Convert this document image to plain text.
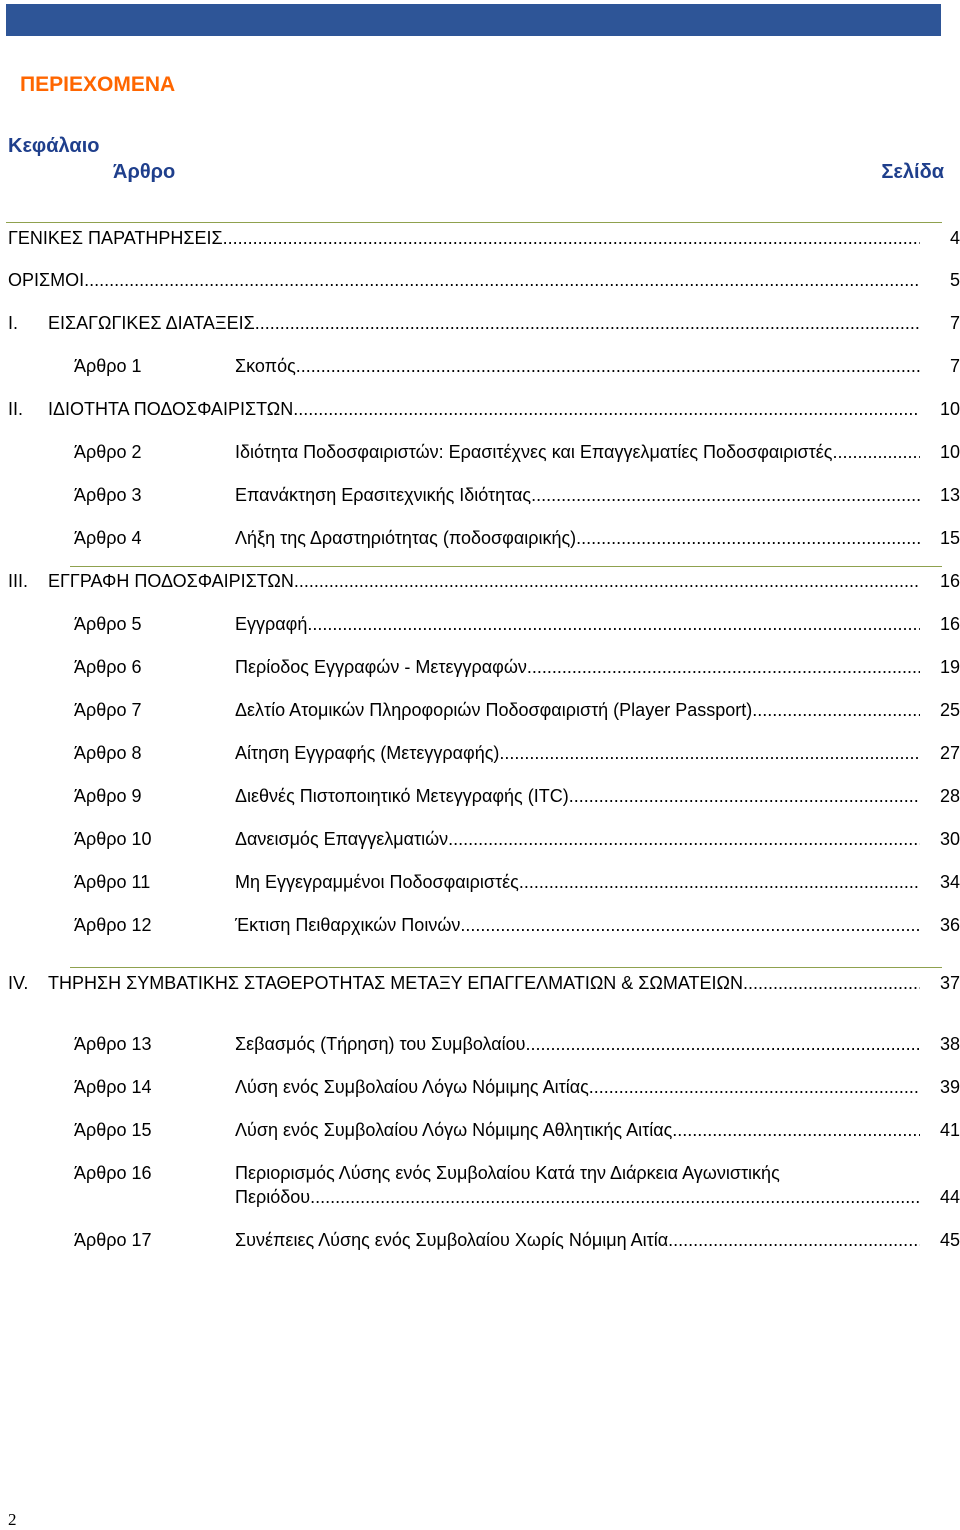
ΠΕΡΙΕΧΟΜΕΝΑ
Κεφάλαιο
Άρθρο	Σελίδα
ΓΕΝΙΚΕΣ ΠΑΡΑΤΗΡΗΣΕΙΣ .....	4
ΟΡΙΣΜΟΙ .....	5
I. ΕΙΣΑΓΩΓΙΚΕΣ ΔΙΑΤΑΞΕΙΣ .....	7
Άρθρο 1	Σκοπός .....	7
II. ΙΔΙΟΤΗΤΑ ΠΟΔΟΣΦΑΙΡΙΣΤΩΝ .....	10
Άρθρο 2	Ιδιότητα Ποδοσφαιριστών: Ερασιτέχνες και Επαγγελματίες Ποδοσφαιριστές. .....	10
Άρθρο 3	Επανάκτηση Ερασιτεχνικής Ιδιότητας .....	13
Άρθρο 4	Λήξη της Δραστηριότητας (ποδοσφαιρικής) .....	15
III. ΕΓΓΡΑΦΗ ΠΟΔΟΣΦΑΙΡΙΣΤΩΝ .....	16
Άρθρο 5	Εγγραφή .....	16
Άρθρο 6	Περίοδος Εγγραφών - Μετεγγραφών .....	19
Άρθρο 7	Δελτίο Ατομικών Πληροφοριών Ποδοσφαιριστή (Player Passport) .....	25
Άρθρο 8	Αίτηση Εγγραφής (Μετεγγραφής) .....	27
Άρθρο 9	Διεθνές Πιστοποιητικό Μετεγγραφής (ITC) .....	28
Άρθρο 10	Δανεισμός Επαγγελματιών .....	30
Άρθρο 11	Μη Εγγεγραμμένοι Ποδοσφαιριστές .....	34
Άρθρο 12	Έκτιση Πειθαρχικών Ποινών .....	36
IV. ΤΗΡΗΣΗ ΣΥΜΒΑΤΙΚΗΣ ΣΤΑΘΕΡΟΤΗΤΑΣ ΜΕΤΑΞΥ ΕΠΑΓΓΕΛΜΑΤΙΩΝ & ΣΩΜΑΤΕΙΩΝ .....	37
Άρθρο 13	Σεβασμός (Τήρηση) του Συμβολαίου .....	38
Άρθρο 14	Λύση ενός Συμβολαίου Λόγω Νόμιμης Αιτίας .....	39
Άρθρο 15	Λύση ενός Συμβολαίου Λόγω Νόμιμης Αθλητικής Αιτίας .....	41
Άρθρο 16	Περιορισμός Λύσης ενός Συμβολαίου Κατά την Διάρκεια Αγωνιστικής
Περιόδου .....	44
Άρθρο 17	Συνέπειες Λύσης ενός Συμβολαίου Χωρίς Νόμιμη Αιτία .....	45
2
